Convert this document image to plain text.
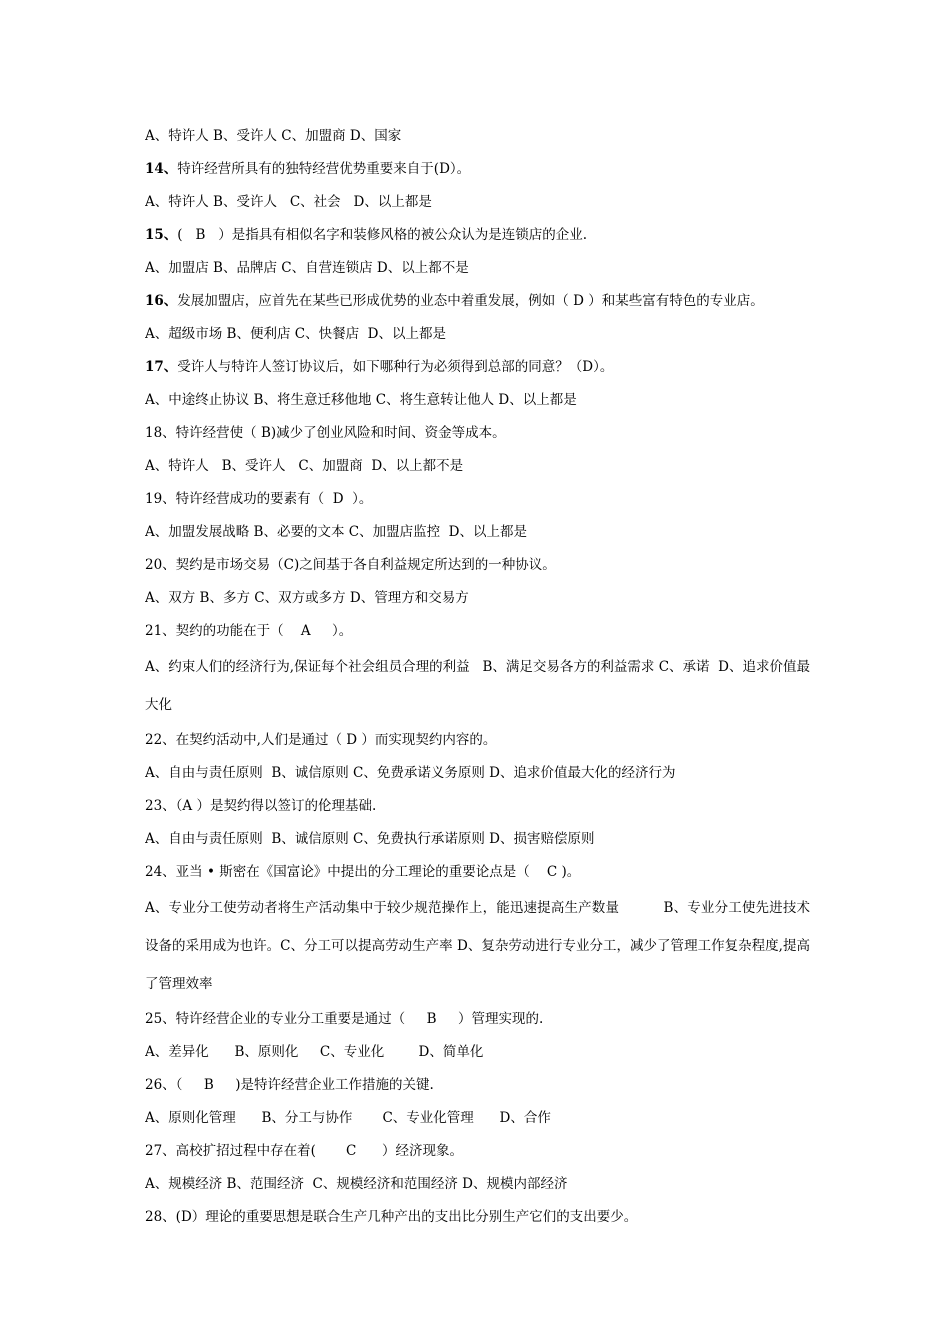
A、特许人 B、受许人 C、加盟商 D、国家
14、特许经营所具有的独特经营优势重要来自于(D）。
A、特许人 B、受许人   C、社会   D、以上都是
15、(   B   ）是指具有相似名字和装修风格的被公众认为是连锁店的企业.
A、加盟店 B、品牌店 C、自营连锁店 D、以上都不是
16、发展加盟店，应首先在某些已形成优势的业态中着重发展，例如（ D ）和某些富有特色的专业店。
A、超级市场 B、便利店 C、快餐店  D、以上都是
17、受许人与特许人签订协议后，如下哪种行为必须得到总部的同意？（D）。
A、中途终止协议 B、将生意迁移他地 C、将生意转让他人 D、以上都是
18、特许经营使（ B)减少了创业风险和时间、资金等成本。
A、特许人   B、受许人   C、加盟商  D、以上都不是
19、特许经营成功的要素有（  D  ）。
A、加盟发展战略 B、必要的文本 C、加盟店监控  D、以上都是
20、契约是市场交易（C)之间基于各自利益规定所达到的一种协议。
A、双方 B、多方 C、双方或多方 D、管理方和交易方
21、契约的功能在于（    A     ）。
A、约束人们的经济行为,保证每个社会组员合理的利益   B、满足交易各方的利益需求 C、承诺  D、追求价值最大化
22、在契约活动中,人们是通过（ D ）而实现契约内容的。
A、自由与责任原则  B、诚信原则 C、免费承诺义务原则 D、追求价值最大化的经济行为
23、（A ）是契约得以签订的伦理基础.
A、自由与责任原则  B、诚信原则 C、免费执行承诺原则 D、损害赔偿原则
24、亚当 • 斯密在《国富论》中提出的分工理论的重要论点是（    C )。
A、专业分工使劳动者将生产活动集中于较少规范操作上，能迅速提高生产数量          B、专业分工使先进技术设备的采用成为也许。C、分工可以提高劳动生产率 D、复杂劳动进行专业分工，减少了管理工作复杂程度,提高了管理效率
25、特许经营企业的专业分工重要是通过（     B     ）管理实现的.
A、差异化      B、原则化     C、专业化        D、简单化
26、（     B     )是特许经营企业工作措施的关键.
A、原则化管理      B、分工与协作       C、专业化管理      D、合作
27、高校扩招过程中存在着(       C      ）经济现象。
A、规模经济 B、范围经济  C、规模经济和范围经济 D、规模内部经济
28、(D）理论的重要思想是联合生产几种产出的支出比分别生产它们的支出要少。
